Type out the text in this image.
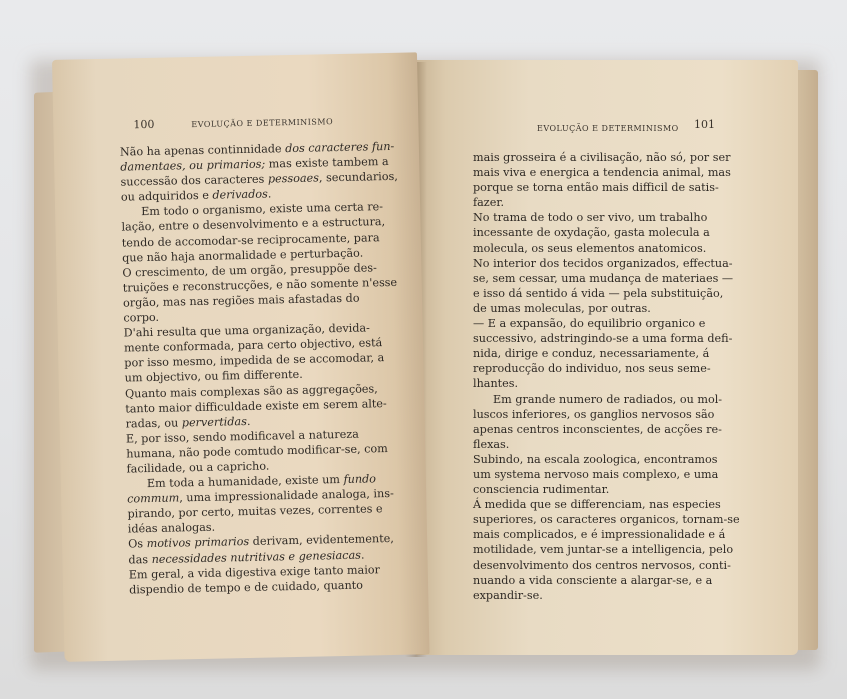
EVOLUÇÃO E DETERMINISMO 101
mais grosseira é a civilisação, não só, por ser
mais viva e energica a tendencia animal, mas
porque se torna então mais difficil de satis-
fazer.
No trama de todo o ser vivo, um trabalho
incessante de oxydação, gasta molecula a
molecula, os seus elementos anatomicos.
No interior dos tecidos organizados, effectua-
se, sem cessar, uma mudança de materiaes —
e isso dá sentido á vida — pela substituição,
de umas moleculas, por outras.
— E a expansão, do equilibrio organico e
successivo, adstringindo-se a uma forma defi-
nida, dirige e conduz, necessariamente, á
reproducção do individuo, nos seus seme-
lhantes.
Em grande numero de radiados, ou mol-
luscos inferiores, os ganglios nervosos são
apenas centros inconscientes, de acções re-
flexas.
Subindo, na escala zoologica, encontramos
um systema nervoso mais complexo, e uma
consciencia rudimentar.
Á medida que se differenciam, nas especies
superiores, os caracteres organicos, tornam-se
mais complicados, e é impressionalidade e á
motilidade, vem juntar-se a intelligencia, pelo
desenvolvimento dos centros nervosos, conti-
nuando a vida consciente a alargar-se, e a
expandir-se.
100	EVOLUÇÃO E DETERMINISMO
Não ha apenas continnidade dos caracteres fun-
damentaes, ou primarios; mas existe tambem a
successão dos caracteres pessoaes, secundarios,
ou adquiridos e derivados.
Em todo o organismo, existe uma certa re-
lação, entre o desenvolvimento e a estructura,
tendo de accomodar-se reciprocamente, para
que não haja anormalidade e perturbação.
O crescimento, de um orgão, presuppõe des-
truições e reconstrucções, e não somente n'esse
orgão, mas nas regiões mais afastadas do
corpo.
D'ahi resulta que uma organização, devida-
mente conformada, para certo objectivo, está
por isso mesmo, impedida de se accomodar, a
um objectivo, ou fim differente.
Quanto mais complexas são as aggregações,
tanto maior difficuldade existe em serem alte-
radas, ou pervertidas.
E, por isso, sendo modificavel a natureza
humana, não pode comtudo modificar-se, com
facilidade, ou a capricho.
Em toda a humanidade, existe um fundo
commum, uma impressionalidade analoga, ins-
pirando, por certo, muitas vezes, correntes e
idéas analogas.
Os motivos primarios derivam, evidentemente,
das necessidades nutritivas e genesiacas.
Em geral, a vida digestiva exige tanto maior
dispendio de tempo e de cuidado, quanto
